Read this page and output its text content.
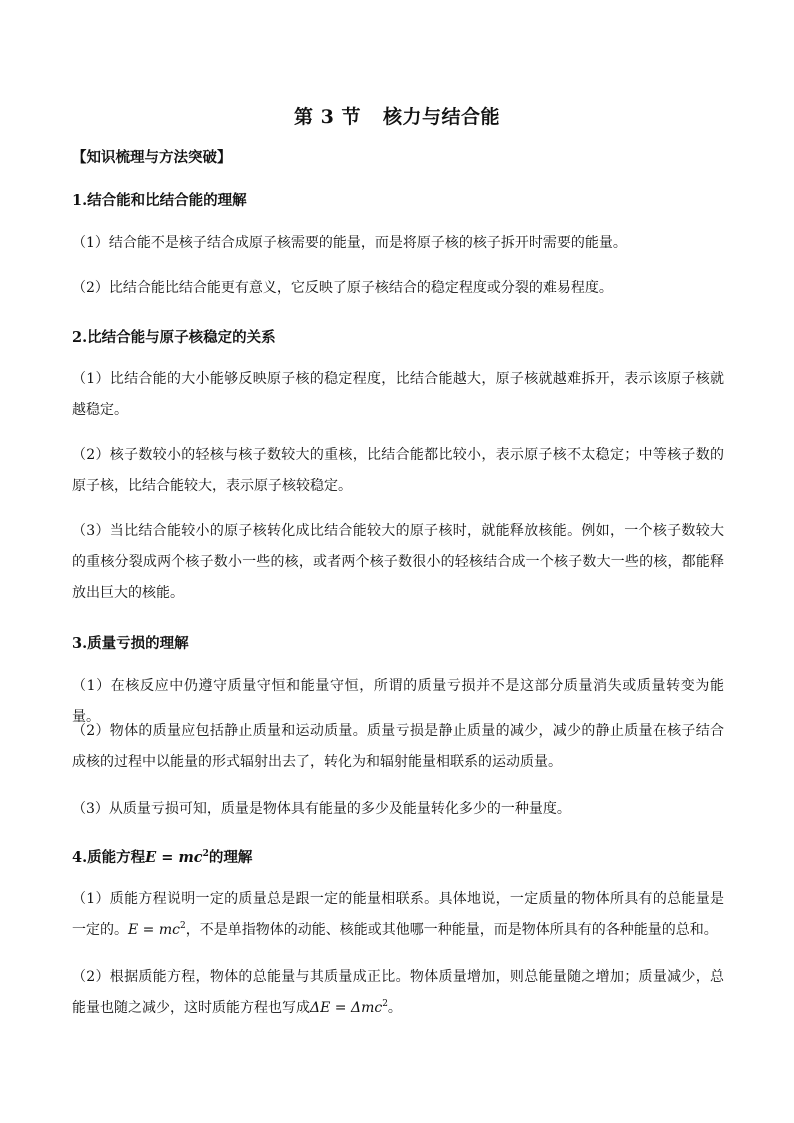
第 3 节 核力与结合能
【知识梳理与方法突破】
1.结合能和比结合能的理解
（1）结合能不是核子结合成原子核需要的能量，而是将原子核的核子拆开时需要的能量。
（2）比结合能比结合能更有意义，它反映了原子核结合的稳定程度或分裂的难易程度。
2.比结合能与原子核稳定的关系
（1）比结合能的大小能够反映原子核的稳定程度，比结合能越大，原子核就越难拆开，表示该原子核就越稳定。
（2）核子数较小的轻核与核子数较大的重核，比结合能都比较小，表示原子核不太稳定；中等核子数的原子核，比结合能较大，表示原子核较稳定。
（3）当比结合能较小的原子核转化成比结合能较大的原子核时，就能释放核能。例如，一个核子数较大的重核分裂成两个核子数小一些的核，或者两个核子数很小的轻核结合成一个核子数大一些的核，都能释放出巨大的核能。
3.质量亏损的理解
（1）在核反应中仍遵守质量守恒和能量守恒，所谓的质量亏损并不是这部分质量消失或质量转变为能量。
（2）物体的质量应包括静止质量和运动质量。质量亏损是静止质量的减少，减少的静止质量在核子结合成核的过程中以能量的形式辐射出去了，转化为和辐射能量相联系的运动质量。
（3）从质量亏损可知，质量是物体具有能量的多少及能量转化多少的一种量度。
4.质能方程$E = mc^2$的理解
（1）质能方程说明一定的质量总是跟一定的能量相联系。具体地说，一定质量的物体所具有的总能量是一定的。$E = mc^2$，不是单指物体的动能、核能或其他哪一种能量，而是物体所具有的各种能量的总和。
（2）根据质能方程，物体的总能量与其质量成正比。物体质量增加，则总能量随之增加；质量减少，总能量也随之减少，这时质能方程也写成ΔE = Δmc$^2$。
